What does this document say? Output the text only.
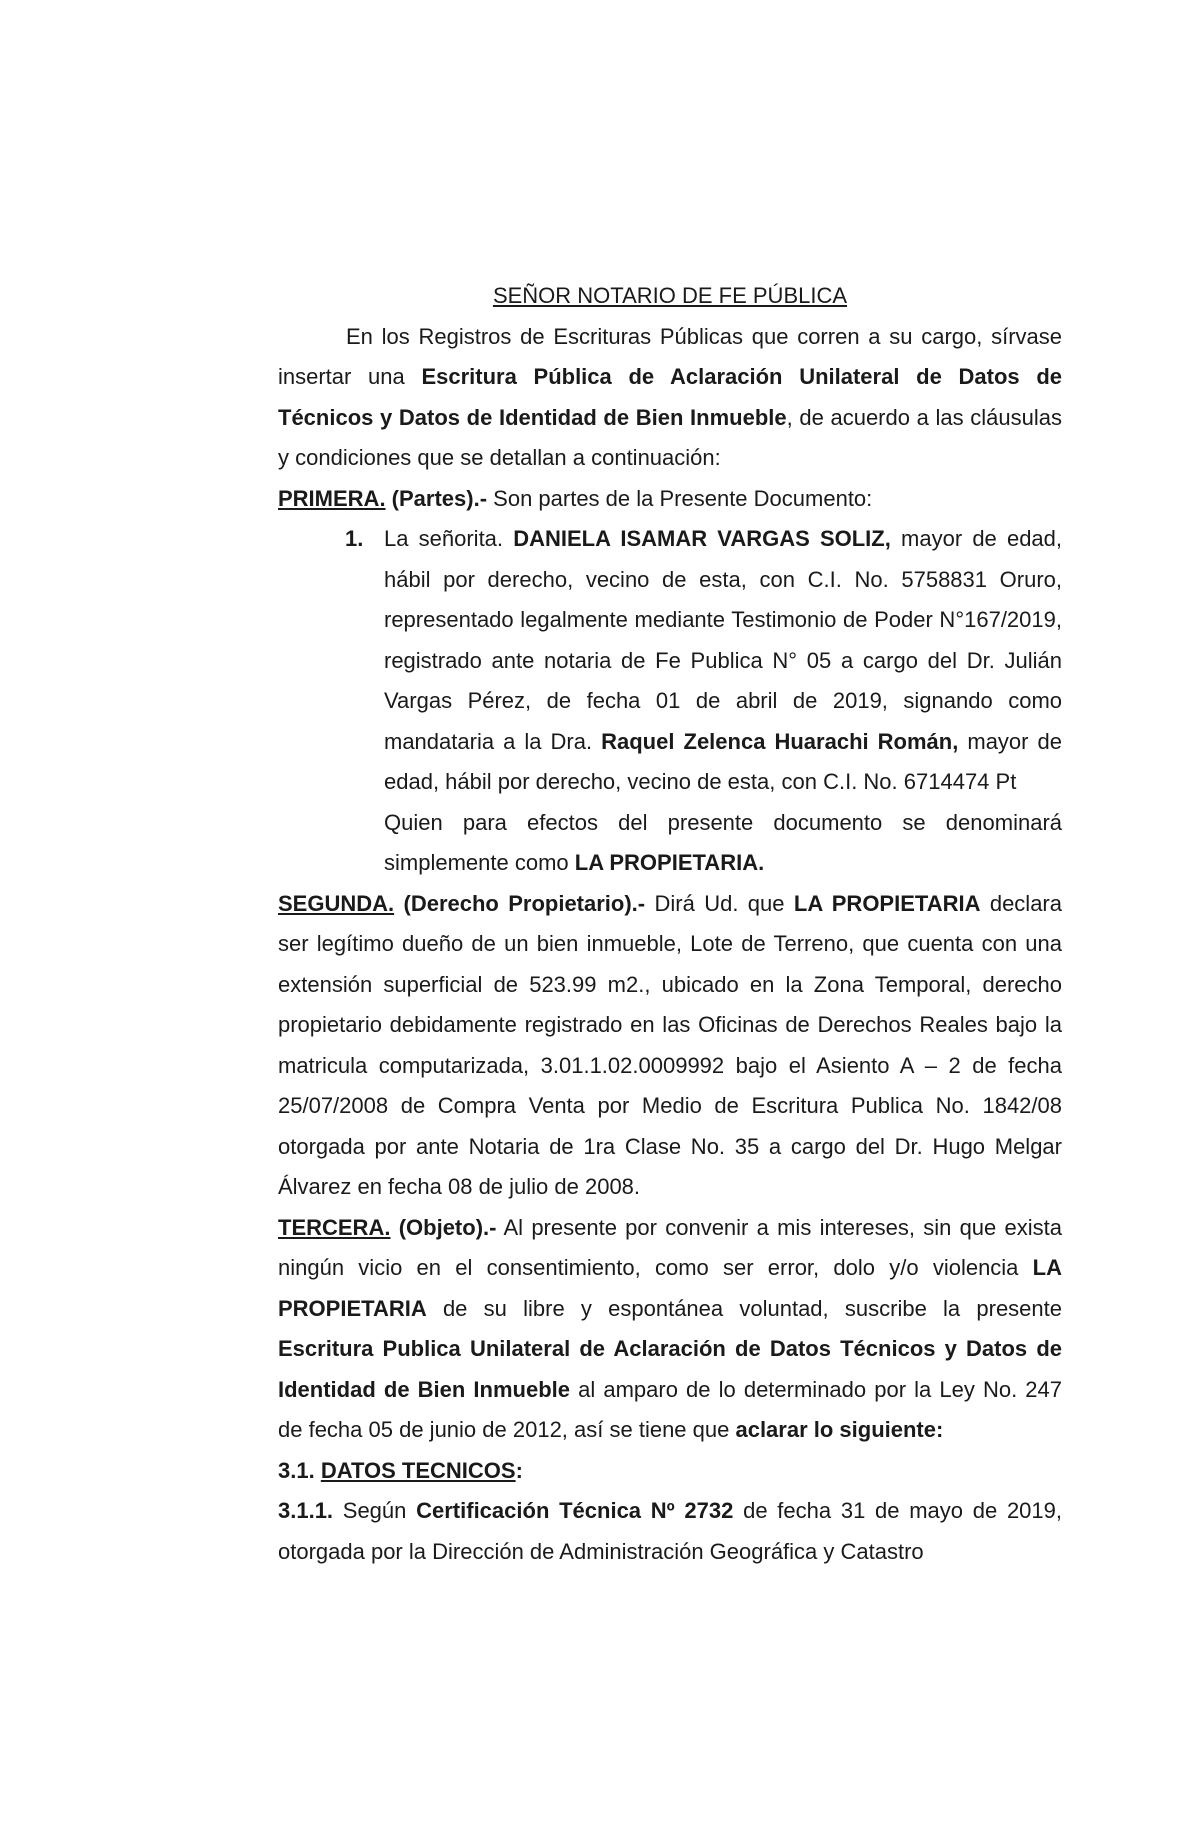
SEÑOR NOTARIO DE FE PÚBLICA

En los Registros de Escrituras Públicas que corren a su cargo, sírvase insertar una Escritura Pública de Aclaración Unilateral de Datos de Técnicos y Datos de Identidad de Bien Inmueble, de acuerdo a las cláusulas y condiciones que se detallan a continuación:

PRIMERA. (Partes).- Son partes de la Presente Documento:

1. La señorita. DANIELA ISAMAR VARGAS SOLIZ, mayor de edad, hábil por derecho, vecino de esta, con C.I. No. 5758831 Oruro, representado legalmente mediante Testimonio de Poder N°167/2019, registrado ante notaria de Fe Publica N° 05 a cargo del Dr. Julián Vargas Pérez, de fecha 01 de abril de 2019, signando como mandataria a la Dra. Raquel Zelenca Huarachi Román, mayor de edad, hábil por derecho, vecino de esta, con C.I. No. 6714474 Pt

Quien para efectos del presente documento se denominará simplemente como LA PROPIETARIA.

SEGUNDA. (Derecho Propietario).- Dirá Ud. que LA PROPIETARIA declara ser legítimo dueño de un bien inmueble, Lote de Terreno, que cuenta con una extensión superficial de 523.99 m2., ubicado en la Zona Temporal, derecho propietario debidamente registrado en las Oficinas de Derechos Reales bajo la matricula computarizada, 3.01.1.02.0009992 bajo el Asiento A – 2 de fecha 25/07/2008 de Compra Venta por Medio de Escritura Publica No. 1842/08 otorgada por ante Notaria de 1ra Clase No. 35 a cargo del Dr. Hugo Melgar Álvarez en fecha 08 de julio de 2008.

TERCERA. (Objeto).- Al presente por convenir a mis intereses, sin que exista ningún vicio en el consentimiento, como ser error, dolo y/o violencia LA PROPIETARIA de su libre y espontánea voluntad, suscribe la presente Escritura Publica Unilateral de Aclaración de Datos Técnicos y Datos de Identidad de Bien Inmueble al amparo de lo determinado por la Ley No. 247 de fecha 05 de junio de 2012, así se tiene que aclarar lo siguiente:

3.1. DATOS TECNICOS:

3.1.1. Según Certificación Técnica Nº 2732 de fecha 31 de mayo de 2019, otorgada por la Dirección de Administración Geográfica y Catastro
